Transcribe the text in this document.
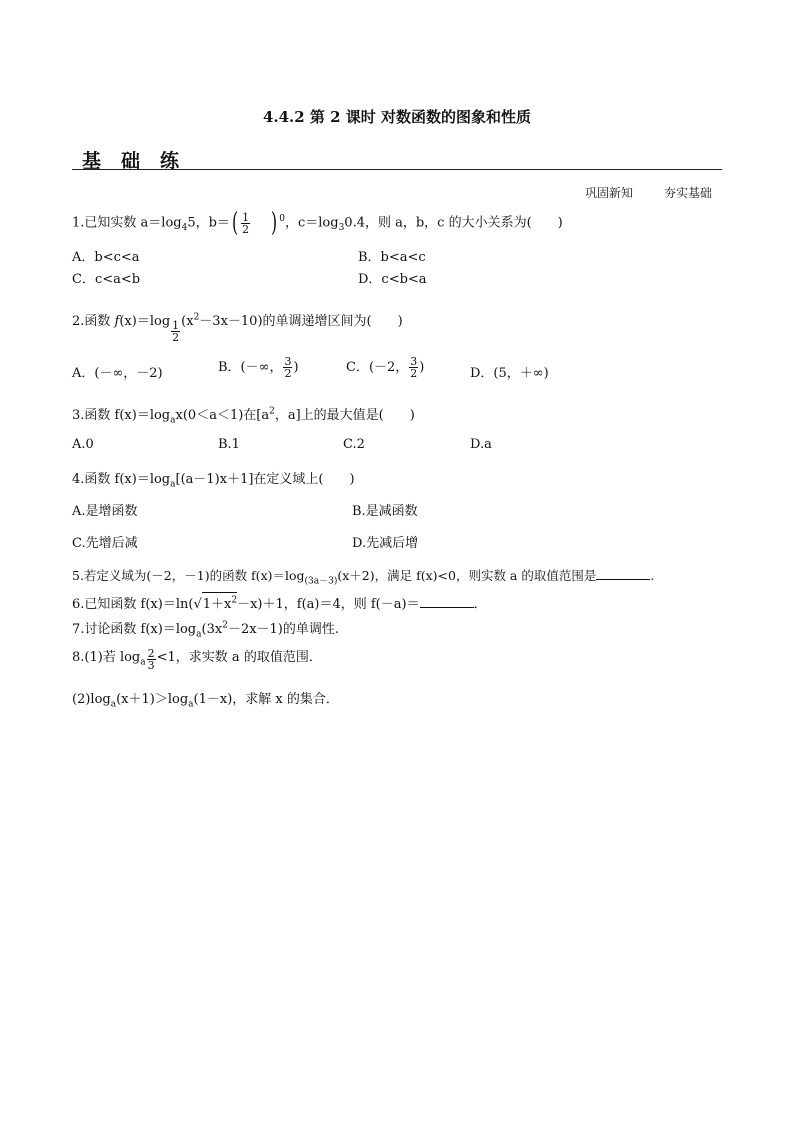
4.4.2 第 2 课时 对数函数的图象和性质
基础练
巩固新知	夯实基础
1.已知实数 $a=\log_45$，$b=( \frac{1}{2}$ ) $^0$，$c=\log_30.4$，则 a，b，c 的大小关系为(　　)
A．b<c<a	B．b<a<c
C．c<a<b	D．c<b<a
2.函数 $f(x)=\log \frac{1}{2} (x^2-3x-10)$的单调递增区间为(　　)
A．(－∞，－2)	B．(－∞， $\frac{3}{2}$ )	C．(－2， $\frac{3}{2}$ )	D．(5，＋∞)
3.函数 $f(x)=\log_ax(0<a<1)$在[$a^2$，a]上的最大值是(　　)
A.0	B.1	C.2	D.a
4.函数 $f(x)=\log_a[(a-1)x+1]$在定义域上(　　)
A.是增函数	B.是减函数
C.先增后减	D.先减后增
5.若定义域为(－2，－1)的函数 $f(x)=\log_{(3a-3)}(x+2)$，满足 f(x)<0，则实数 a 的取值范围是	.
6.已知函数 $f(x)=\ln(√1+x^2-x)+1$，f(a)＝4，则 f(－a)＝	．
7.讨论函数 $f(x)=\log_a(3x^2-2x-1)$的单调性.
8.(1)若 $\log_a \frac{2}{3} <1$，求实数 a 的取值范围．
$(2)\log_a(x+1)>\log_a(1-x)$，求解 x 的集合．
